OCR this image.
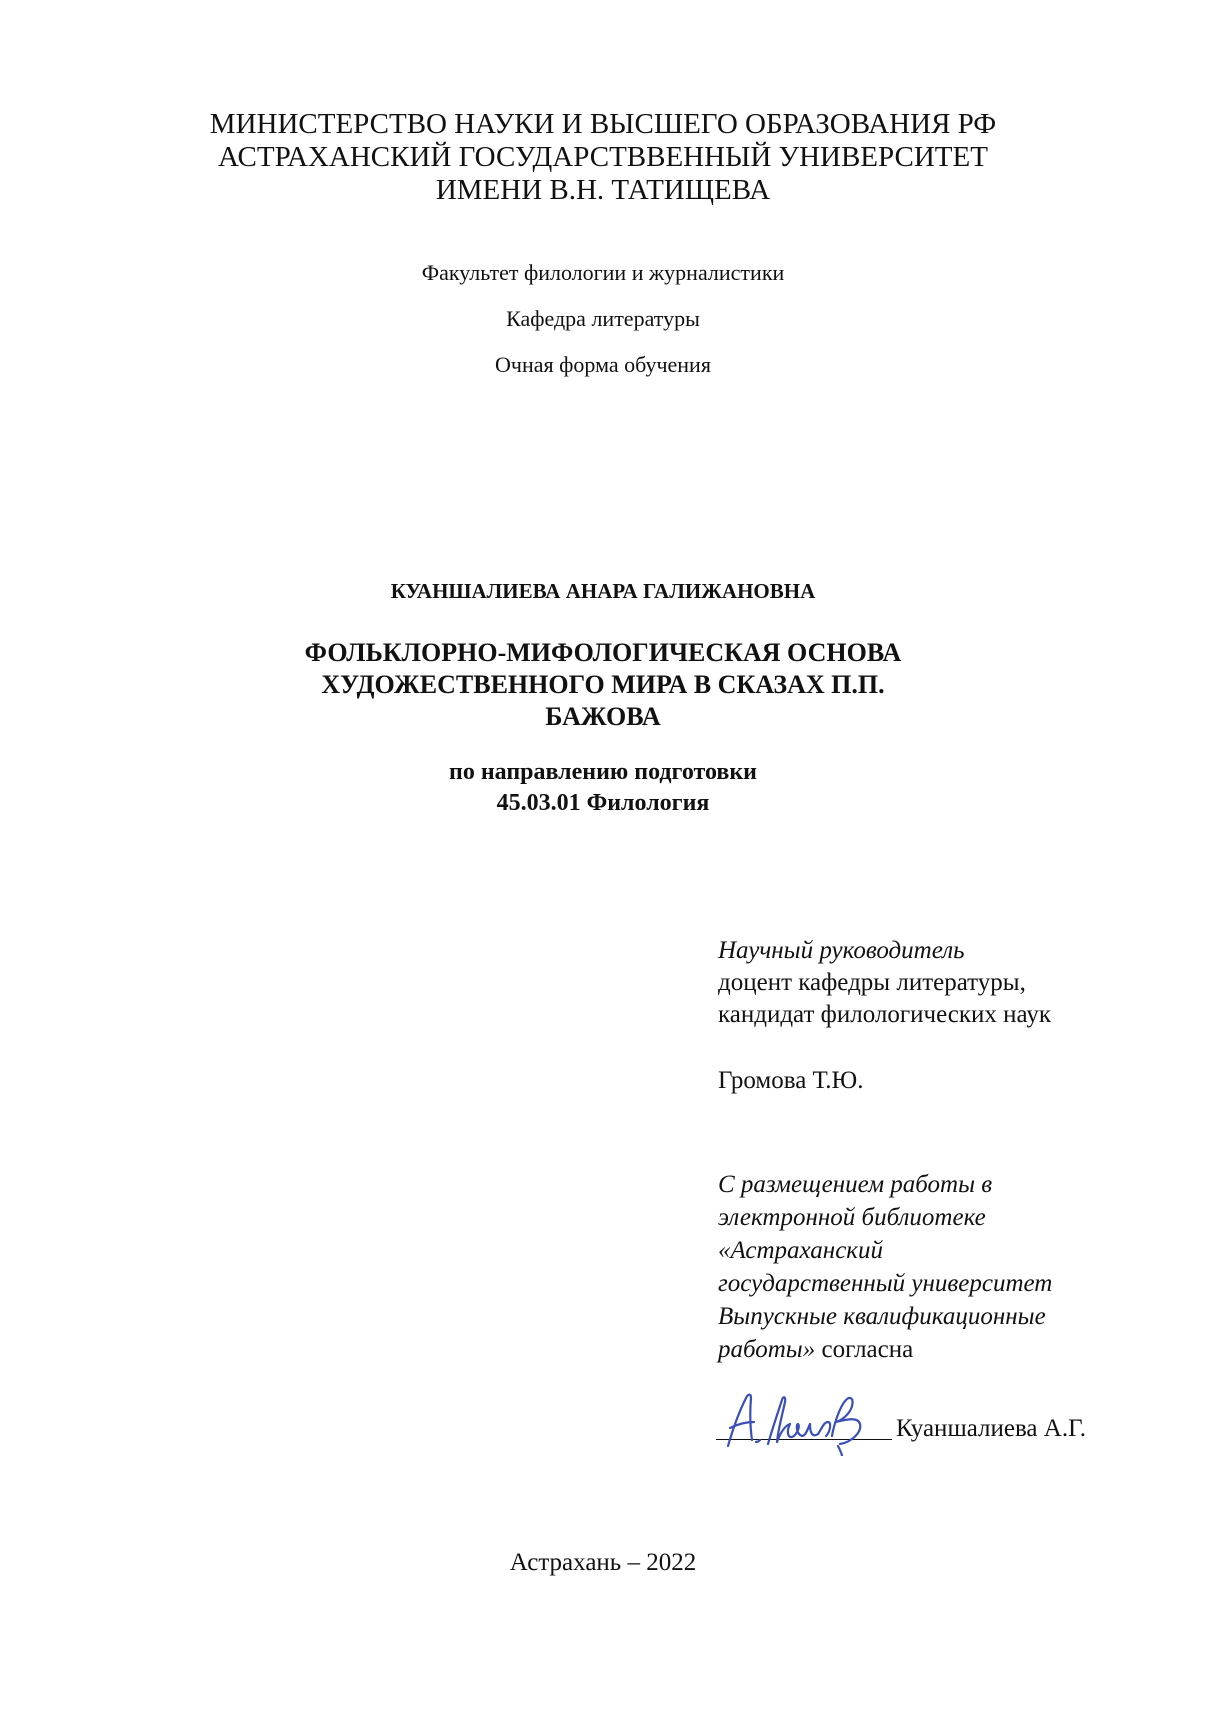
МИНИСТЕРСТВО НАУКИ И ВЫСШЕГО ОБРАЗОВАНИЯ РФ
АСТРАХАНСКИЙ ГОСУДАРСТВВЕННЫЙ УНИВЕРСИТЕТ
ИМЕНИ В.Н. ТАТИЩЕВА
Факультет филологии и журналистики
Кафедра литературы
Очная форма обучения
КУАНШАЛИЕВА АНАРА ГАЛИЖАНОВНА
ФОЛЬКЛОРНО-МИФОЛОГИЧЕСКАЯ ОСНОВА
ХУДОЖЕСТВЕННОГО МИРА В СКАЗАХ П.П.
БАЖОВА
по направлению подготовки
45.03.01 Филология
Научный руководитель
доцент кафедры литературы,
кандидат филологических наук
Громова Т.Ю.
С размещением работы в
электронной библиотеке
«Астраханский
государственный университет
Выпускные квалификационные
работы» согласна
Куаншалиева А.Г.
Астрахань – 2022
